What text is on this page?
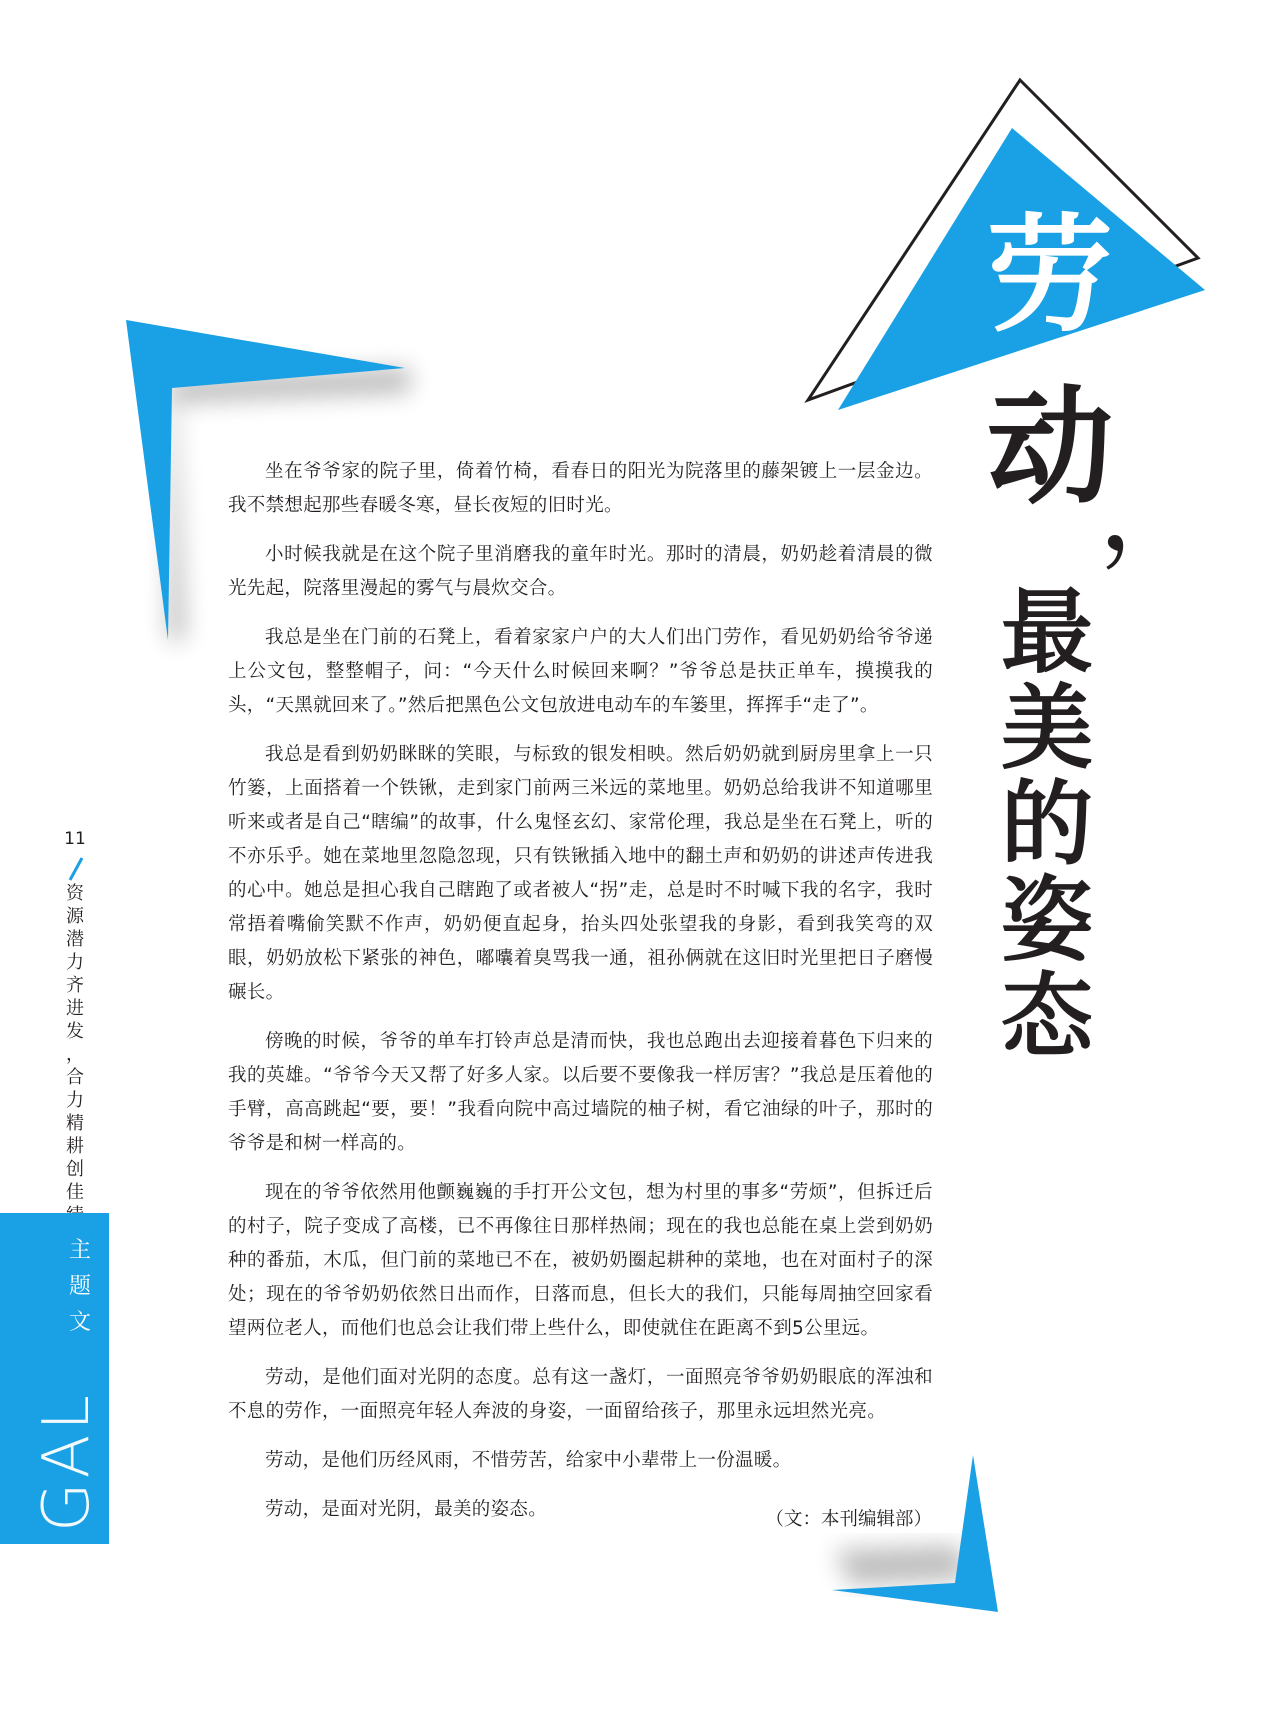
劳
动
，
最
美
的
姿
态
11
资
源
潜
力
齐
进
发
，
合
力
精
耕
创
佳
主
题
文
GAL

坐在爷爷家的院子里，倚着竹椅，看春日的阳光为院落里的藤架镀上一层金边。我不禁想起那些春暖冬寒，昼长夜短的旧时光。

小时候我就是在这个院子里消磨我的童年时光。那时的清晨，奶奶趁着清晨的微光先起，院落里漫起的雾气与晨炊交合。

我总是坐在门前的石凳上，看着家家户户的大人们出门劳作，看见奶奶给爷爷递上公文包，整整帽子，问：“今天什么时候回来啊？”爷爷总是扶正单车，摸摸我的头，“天黑就回来了。”然后把黑色公文包放进电动车的车篓里，挥挥手“走了”。

我总是看到奶奶眯眯的笑眼，与标致的银发相映。然后奶奶就到厨房里拿上一只竹篓，上面搭着一个铁锹，走到家门前两三米远的菜地里。奶奶总给我讲不知道哪里听来或者是自己“瞎编”的故事，什么鬼怪玄幻、家常伦理，我总是坐在石凳上，听的不亦乐乎。她在菜地里忽隐忽现，只有铁锹插入地中的翻土声和奶奶的讲述声传进我的心中。她总是担心我自己瞎跑了或者被人“拐”走，总是时不时喊下我的名字，我时常捂着嘴偷笑默不作声，奶奶便直起身，抬头四处张望我的身影，看到我笑弯的双眼，奶奶放松下紧张的神色，嘟囔着臭骂我一通，祖孙俩就在这旧时光里把日子磨慢碾长。

傍晚的时候，爷爷的单车打铃声总是清而快，我也总跑出去迎接着暮色下归来的我的英雄。“爷爷今天又帮了好多人家。以后要不要像我一样厉害？”我总是压着他的手臂，高高跳起“要，要！”我看向院中高过墙院的柚子树，看它油绿的叶子，那时的爷爷是和树一样高的。

现在的爷爷依然用他颤巍巍的手打开公文包，想为村里的事多“劳烦”，但拆迁后的村子，院子变成了高楼，已不再像往日那样热闹；现在的我也总能在桌上尝到奶奶种的番茄，木瓜，但门前的菜地已不在，被奶奶圈起耕种的菜地，也在对面村子的深处；现在的爷爷奶奶依然日出而作，日落而息，但长大的我们，只能每周抽空回家看望两位老人，而他们也总会让我们带上些什么，即使就住在距离不到5公里远。

劳动，是他们面对光阴的态度。总有这一盏灯，一面照亮爷爷奶奶眼底的浑浊和不息的劳作，一面照亮年轻人奔波的身姿，一面留给孩子，那里永远坦然光亮。

劳动，是他们历经风雨，不惜劳苦，给家中小辈带上一份温暖。

劳动，是面对光阴，最美的姿态。	（文：本刊编辑部）
